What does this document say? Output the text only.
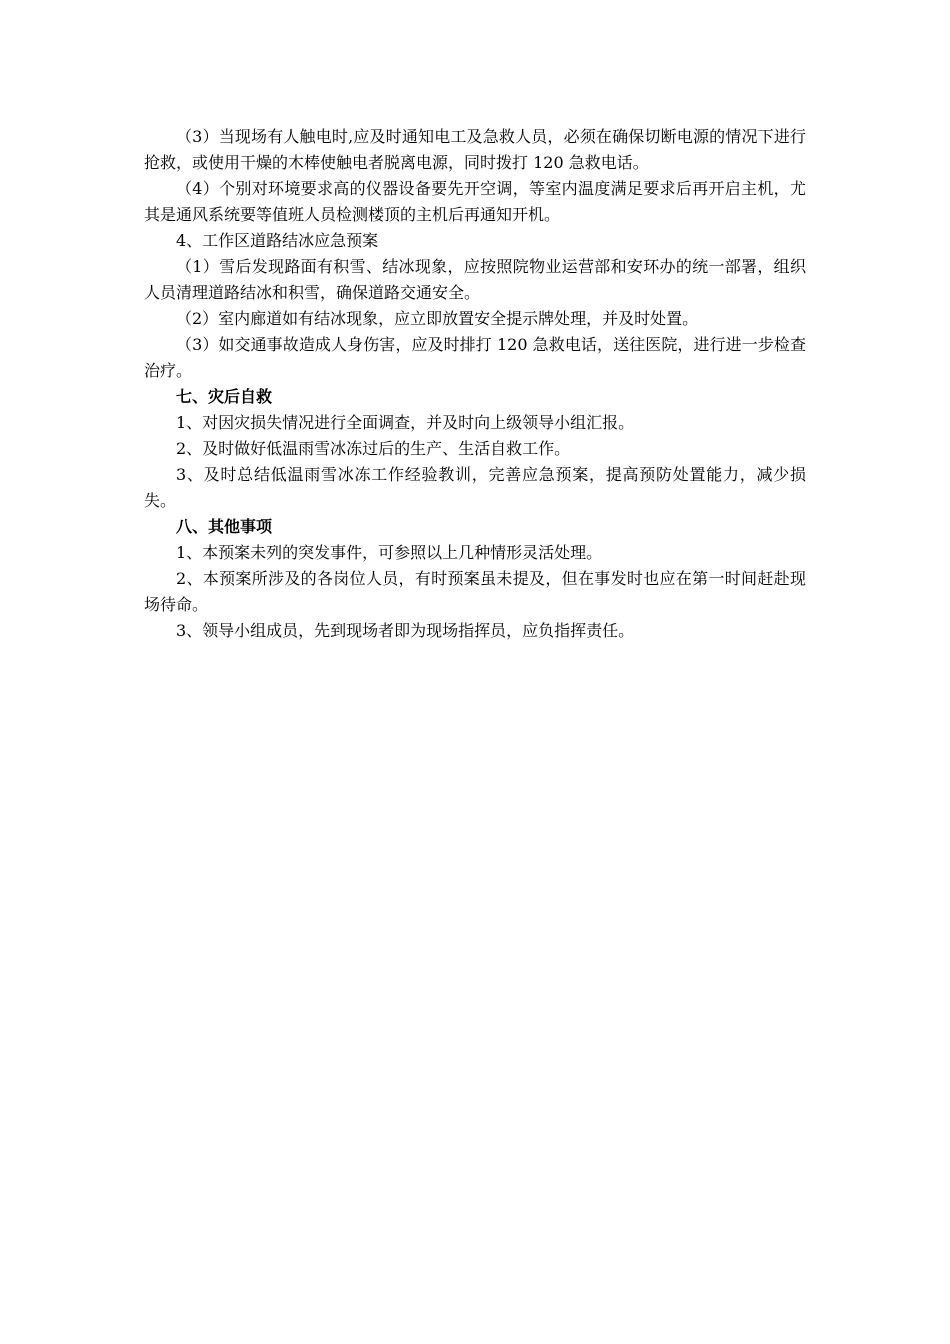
（3）当现场有人触电时,应及时通知电工及急救人员，必须在确保切断电源的情况下进行抢救，或使用干燥的木棒使触电者脱离电源，同时拨打 120 急救电话。

（4）个别对环境要求高的仪器设备要先开空调，等室内温度满足要求后再开启主机，尤其是通风系统要等值班人员检测楼顶的主机后再通知开机。

4、工作区道路结冰应急预案

（1）雪后发现路面有积雪、结冰现象，应按照院物业运营部和安环办的统一部署，组织人员清理道路结冰和积雪，确保道路交通安全。

（2）室内廊道如有结冰现象，应立即放置安全提示牌处理，并及时处置。

（3）如交通事故造成人身伤害，应及时排打 120 急救电话，送往医院，进行进一步检查治疗。

七、灾后自救

1、对因灾损失情况进行全面调查，并及时向上级领导小组汇报。

2、及时做好低温雨雪冰冻过后的生产、生活自救工作。

3、及时总结低温雨雪冰冻工作经验教训，完善应急预案，提高预防处置能力，减少损失。

八、其他事项

1、本预案未列的突发事件，可参照以上几种情形灵活处理。

2、本预案所涉及的各岗位人员，有时预案虽未提及，但在事发时也应在第一时间赶赴现场待命。

3、领导小组成员，先到现场者即为现场指挥员，应负指挥责任。
